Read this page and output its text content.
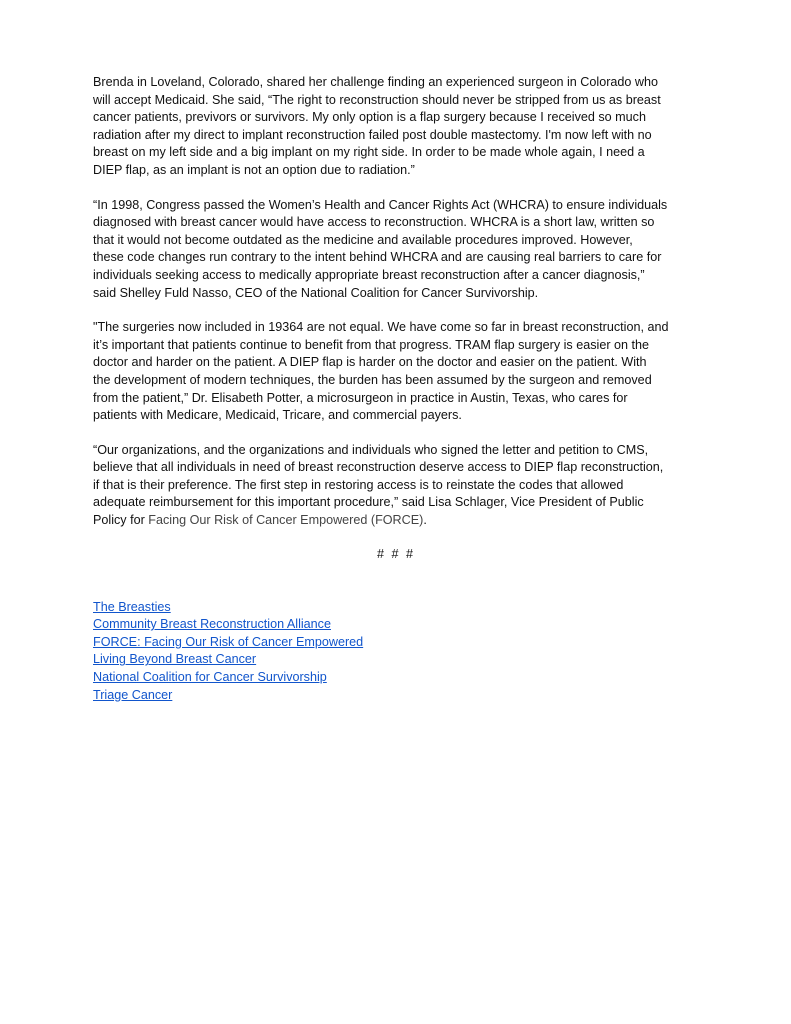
Brenda in Loveland, Colorado, shared her challenge finding an experienced surgeon in Colorado who
will accept Medicaid. She said, “The right to reconstruction should never be stripped from us as breast
cancer patients, previvors or survivors. My only option is a flap surgery because I received so much
radiation after my direct to implant reconstruction failed post double mastectomy. I'm now left with no
breast on my left side and a big implant on my right side. In order to be made whole again, I need a
DIEP flap, as an implant is not an option due to radiation.”

“In 1998, Congress passed the Women’s Health and Cancer Rights Act (WHCRA) to ensure individuals
diagnosed with breast cancer would have access to reconstruction. WHCRA is a short law, written so
that it would not become outdated as the medicine and available procedures improved. However,
these code changes run contrary to the intent behind WHCRA and are causing real barriers to care for
individuals seeking access to medically appropriate breast reconstruction after a cancer diagnosis,”
said Shelley Fuld Nasso, CEO of the National Coalition for Cancer Survivorship.

"The surgeries now included in 19364 are not equal. We have come so far in breast reconstruction, and
it’s important that patients continue to benefit from that progress. TRAM flap surgery is easier on the
doctor and harder on the patient. A DIEP flap is harder on the doctor and easier on the patient. With
the development of modern techniques, the burden has been assumed by the surgeon and removed
from the patient,” Dr. Elisabeth Potter, a microsurgeon in practice in Austin, Texas, who cares for
patients with Medicare, Medicaid, Tricare, and commercial payers.

“Our organizations, and the organizations and individuals who signed the letter and petition to CMS,
believe that all individuals in need of breast reconstruction deserve access to DIEP flap reconstruction,
if that is their preference. The first step in restoring access is to reinstate the codes that allowed
adequate reimbursement for this important procedure,” said Lisa Schlager, Vice President of Public
Policy for Facing Our Risk of Cancer Empowered (FORCE).

# # #
The Breasties
Community Breast Reconstruction Alliance
FORCE: Facing Our Risk of Cancer Empowered
Living Beyond Breast Cancer
National Coalition for Cancer Survivorship
Triage Cancer
